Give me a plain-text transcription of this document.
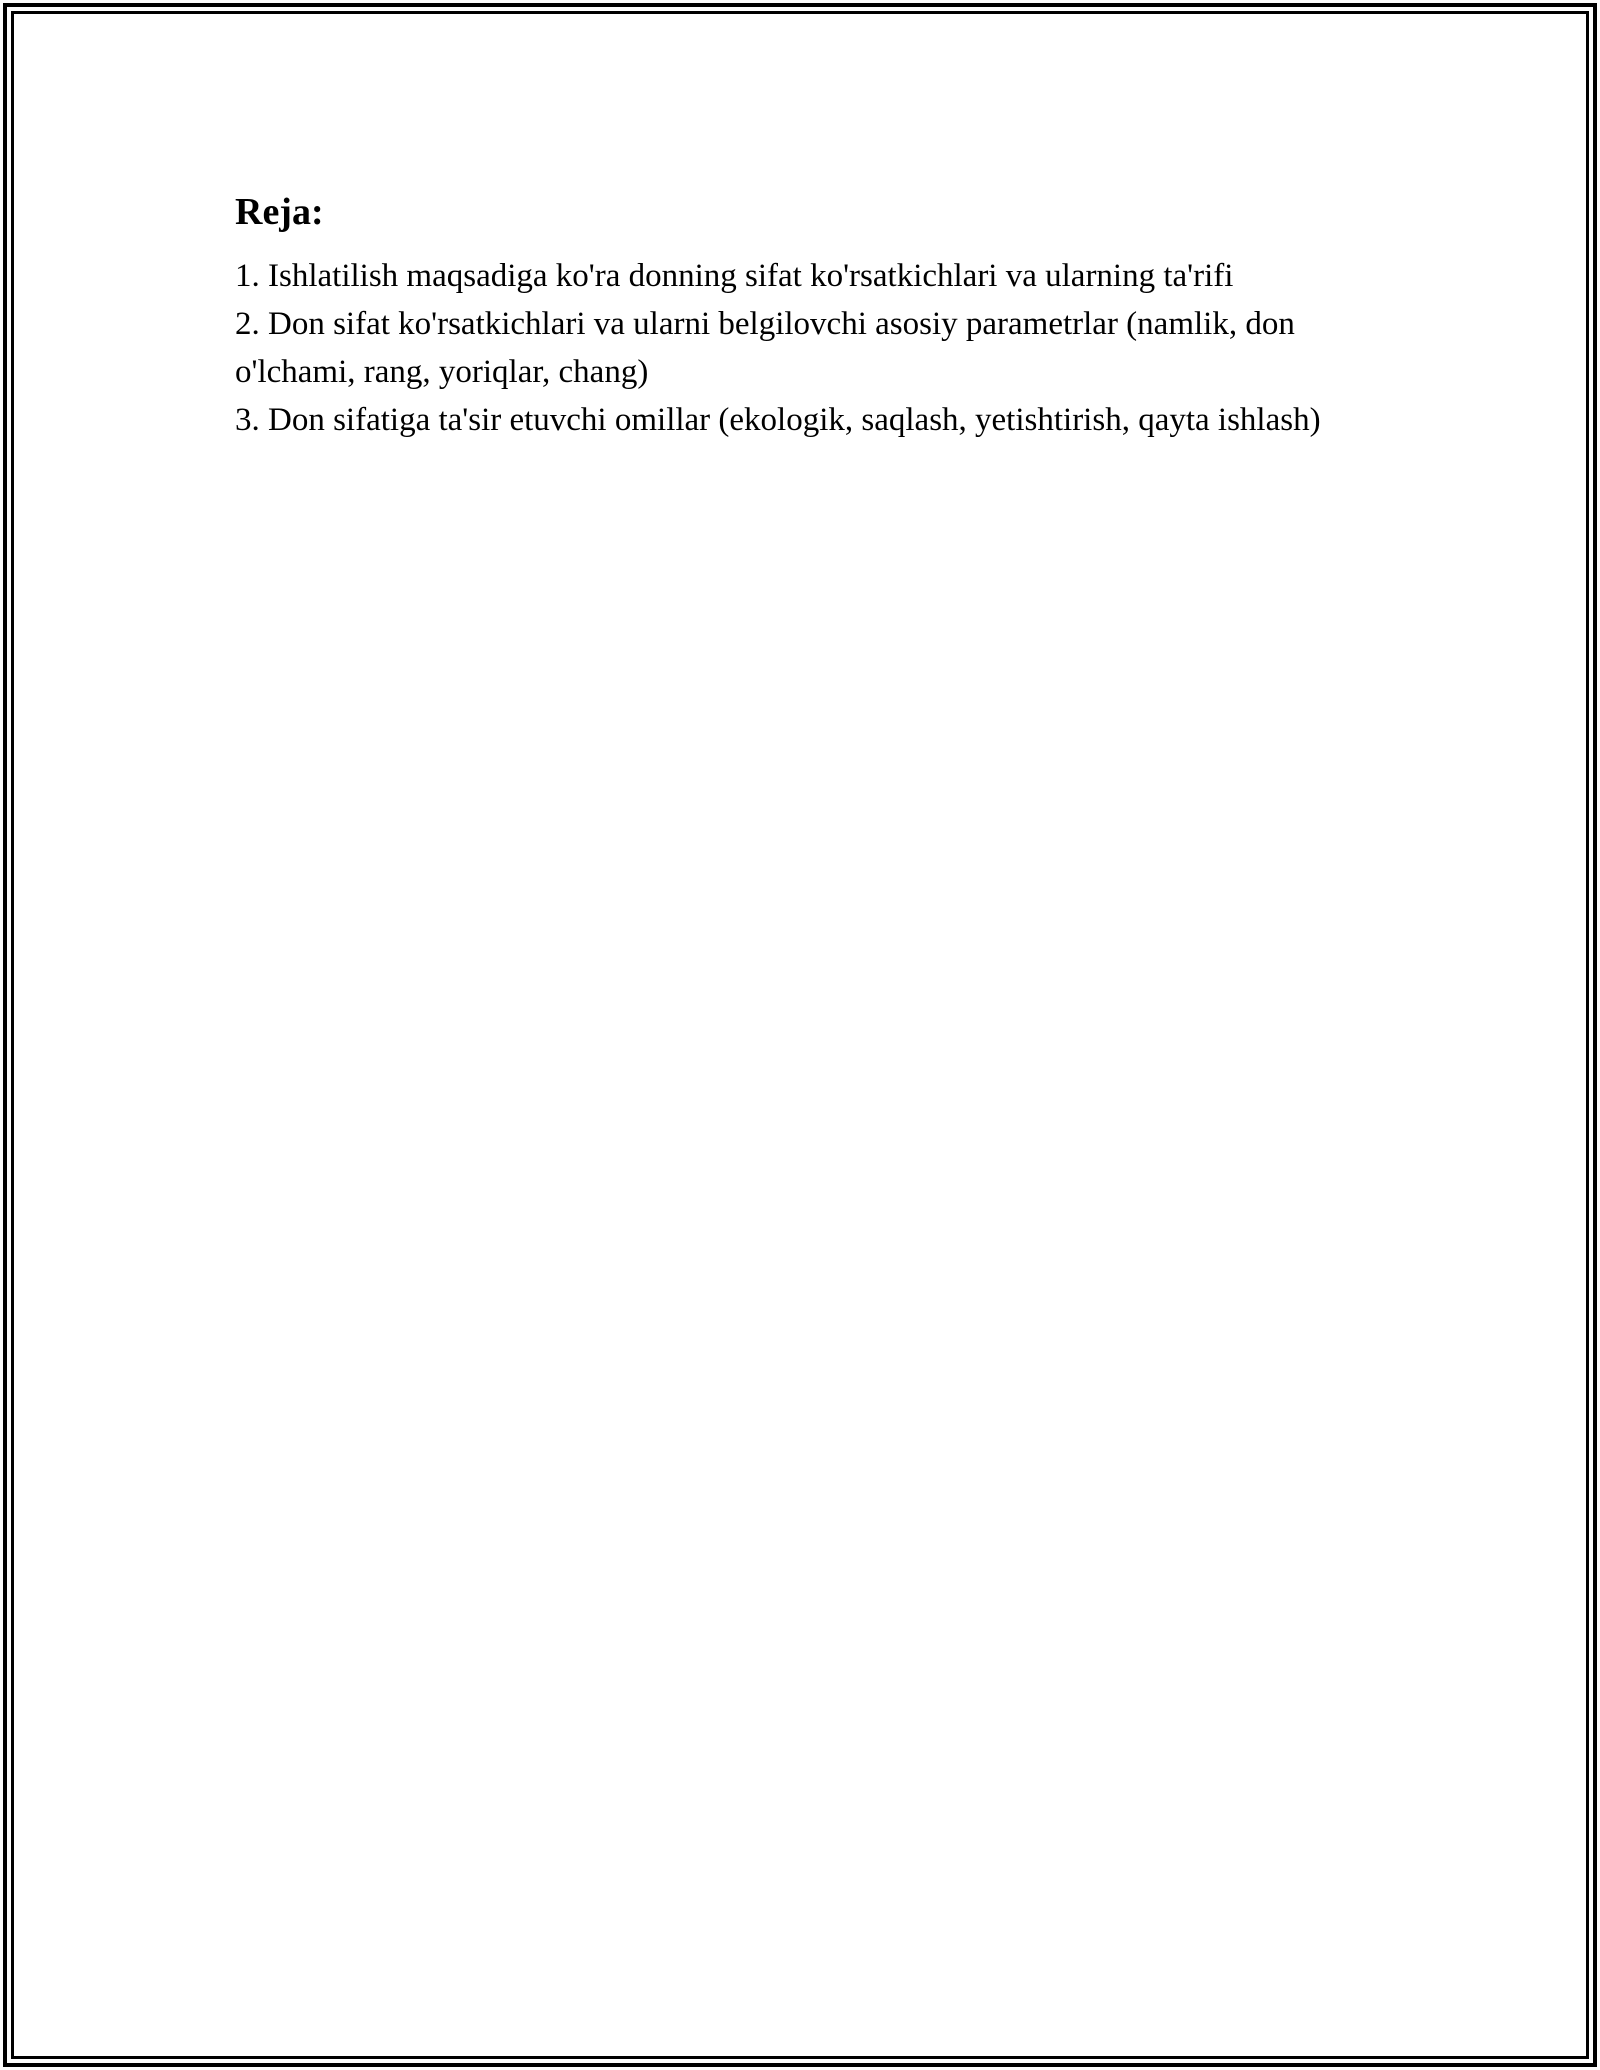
Reja:
1. Ishlatilish maqsadiga ko'ra donning sifat ko'rsatkichlari va ularning ta'rifi
2. Don sifat ko'rsatkichlari va ularni belgilovchi asosiy parametrlar (namlik, don o'lchami, rang, yoriqlar, chang)
3. Don sifatiga ta'sir etuvchi omillar (ekologik, saqlash, yetishtirish, qayta ishlash)
